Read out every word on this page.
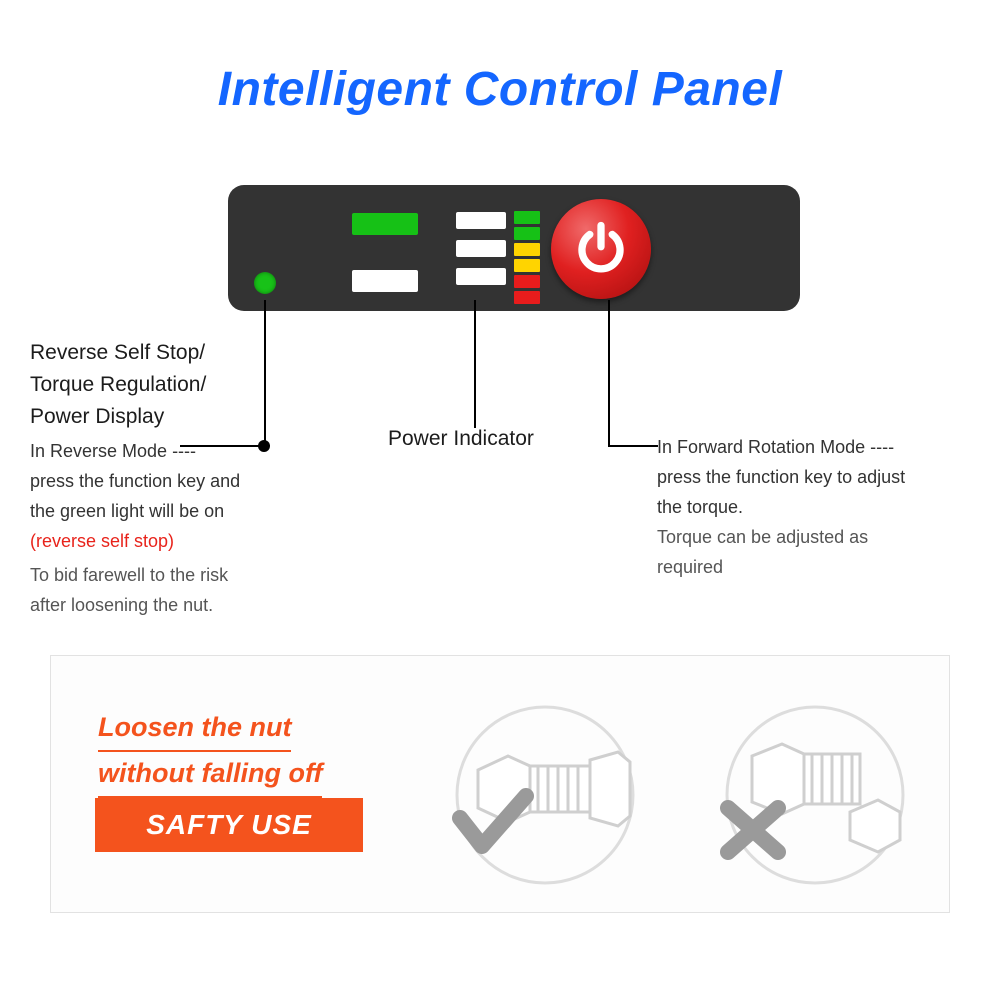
Intelligent Control Panel
Reverse Self Stop/
Torque Regulation/
Power Display
In Reverse Mode ----
press the function key and
the green light will be on
(reverse self stop)
To bid farewell to the risk
after loosening the nut.
Power Indicator	In Forward Rotation Mode ----
press the function key to adjust
the torque.
Torque can be adjusted as
required
Loosen the nut
without falling off
SAFTY USE
